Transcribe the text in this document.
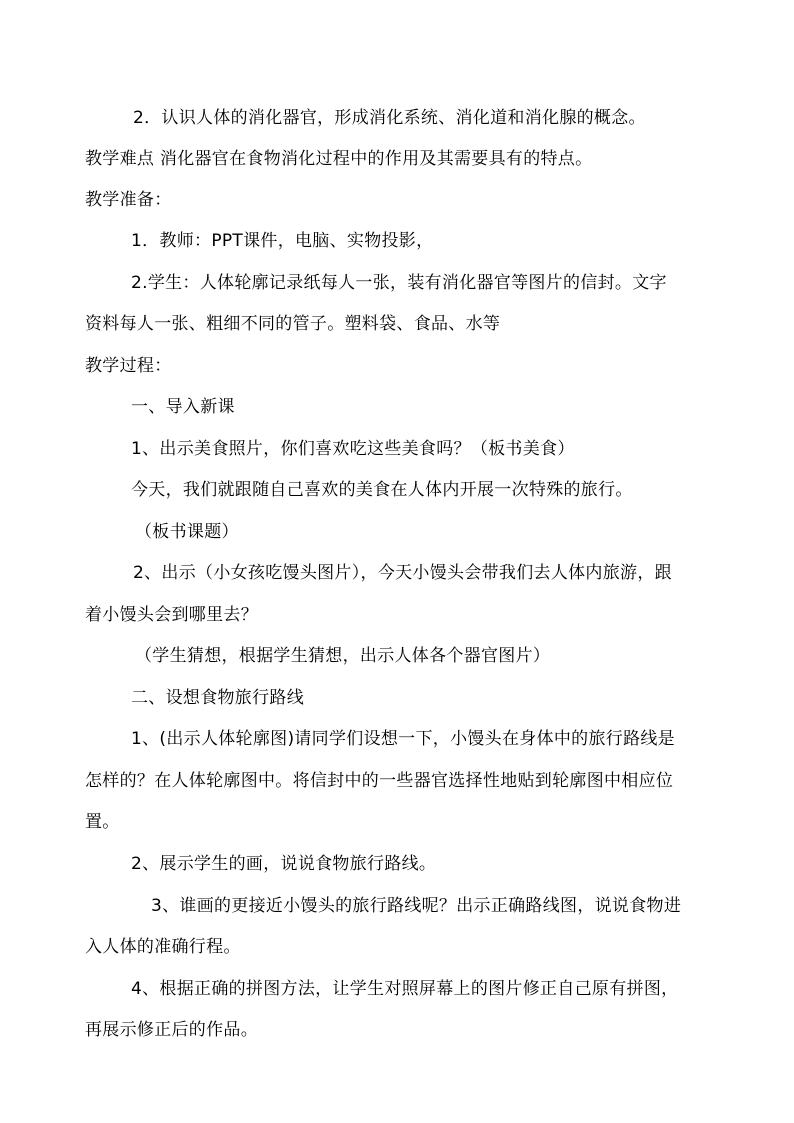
2．认识人体的消化器官，形成消化系统、消化道和消化腺的概念。
教学难点 消化器官在食物消化过程中的作用及其需要具有的特点。
教学准备：
1．教师：PPT课件，电脑、实物投影，
2.学生：人体轮廓记录纸每人一张，装有消化器官等图片的信封。文字
资料每人一张、粗细不同的管子。塑料袋、食品、水等
教学过程：
一、导入新课
1、出示美食照片，你们喜欢吃这些美食吗？（板书美食）
今天，我们就跟随自己喜欢的美食在人体内开展一次特殊的旅行。
（板书课题）
2、出示（小女孩吃馒头图片），今天小馒头会带我们去人体内旅游，跟
着小馒头会到哪里去？
（学生猜想，根据学生猜想，出示人体各个器官图片）
二、设想食物旅行路线
1、(出示人体轮廓图)请同学们设想一下，小馒头在身体中的旅行路线是
怎样的？在人体轮廓图中。将信封中的一些器官选择性地贴到轮廓图中相应位
置。
2、展示学生的画，说说食物旅行路线。
3、谁画的更接近小馒头的旅行路线呢？出示正确路线图，说说食物进
入人体的准确行程。
4、根据正确的拼图方法，让学生对照屏幕上的图片修正自己原有拼图，
再展示修正后的作品。
